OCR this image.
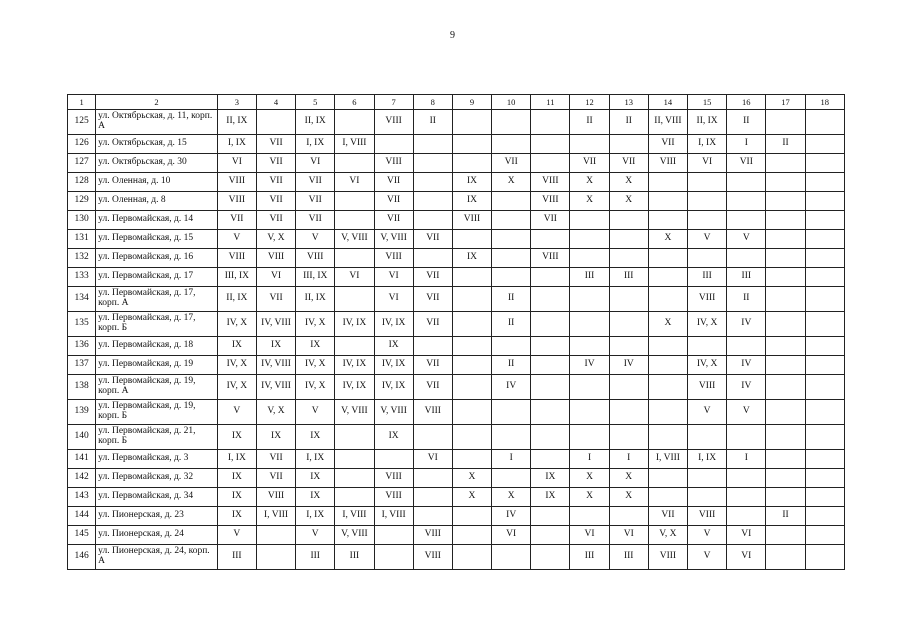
9
1	2	3	4	5	6	7	8	9	10	11	12	13	14	15	16	17	18
125	ул. Октябрьская, д. 11, корп. А	II, IX		II, IX		VIII	II				II	II	II, VIII	II, IX	II		
126	ул. Октябрьская, д. 15	I, IX	VII	I, IX	I, VIII								VII	I, IX	I	II	
127	ул. Октябрьская, д. 30	VI	VII	VI		VIII			VII		VII	VII	VIII	VI	VII		
128	ул. Оленная, д. 10	VIII	VII	VII	VI	VII		IX	X	VIII	X	X					
129	ул. Оленная, д. 8	VIII	VII	VII		VII		IX		VIII	X	X					
130	ул. Первомайская, д. 14	VII	VII	VII		VII		VIII		VII							
131	ул. Первомайская, д. 15	V	V, X	V	V, VIII	V, VIII	VII						X	V	V		
132	ул. Первомайская, д. 16	VIII	VIII	VIII		VIII		IX		VIII							
133	ул. Первомайская, д. 17	III, IX	VI	III, IX	VI	VI	VII				III	III		III	III		
134	ул. Первомайская, д. 17, корп. А	II, IX	VII	II, IX		VI	VII		II					VIII	II		
135	ул. Первомайская, д. 17, корп. Б	IV, X	IV, VIII	IV, X	IV, IX	IV, IX	VII		II				X	IV, X	IV		
136	ул. Первомайская, д. 18	IX	IX	IX		IX											
137	ул. Первомайская, д. 19	IV, X	IV, VIII	IV, X	IV, IX	IV, IX	VII		II		IV	IV		IV, X	IV		
138	ул. Первомайская, д. 19, корп. А	IV, X	IV, VIII	IV, X	IV, IX	IV, IX	VII		IV					VIII	IV		
139	ул. Первомайская, д. 19, корп. Б	V	V, X	V	V, VIII	V, VIII	VIII							V	V		
140	ул. Первомайская, д. 21, корп. Б	IX	IX	IX		IX											
141	ул. Первомайская, д. 3	I, IX	VII	I, IX			VI		I		I	I	I, VIII	I, IX	I		
142	ул. Первомайская, д. 32	IX	VII	IX		VIII		X		IX	X	X					
143	ул. Первомайская, д. 34	IX	VIII	IX		VIII		X	X	IX	X	X					
144	ул. Пионерская, д. 23	IX	I, VIII	I, IX	I, VIII	I, VIII			IV				VII	VIII		II	
145	ул. Пионерская, д. 24	V		V	V, VIII		VIII		VI		VI	VI	V, X	V	VI		
146	ул. Пионерская, д. 24, корп. А	III		III	III		VIII				III	III	VIII	V	VI		
